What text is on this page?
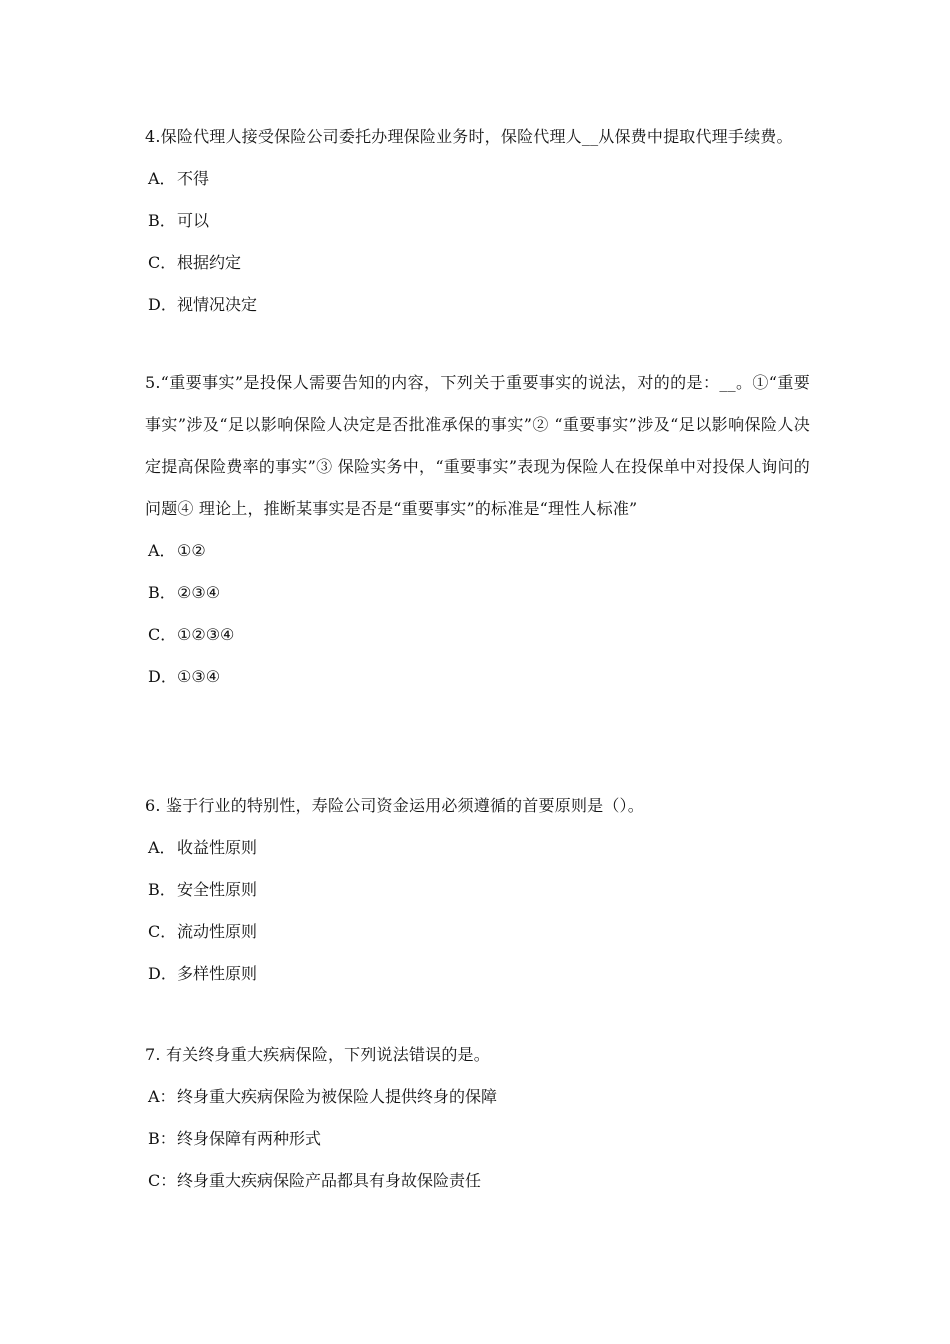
4.保险代理人接受保险公司委托办理保险业务时，保险代理人__从保费中提取代理手续费。

A．不得
B．可以
C．根据约定
D．视情况决定

5.“重要事实”是投保人需要告知的内容，下列关于重要事实的说法，对的的是：__。①“重要事实”涉及“足以影响保险人决定是否批准承保的事实”② “重要事实”涉及“足以影响保险人决定提高保险费率的事实”③ 保险实务中，“重要事实”表现为保险人在投保单中对投保人询问的问题④ 理论上，推断某事实是否是“重要事实”的标准是“理性人标准”

A．①②
B．②③④
C．①②③④
D．①③④

6. 鉴于行业的特别性，寿险公司资金运用必须遵循的首要原则是（）。

A．收益性原则
B．安全性原则
C．流动性原则
D．多样性原则

7. 有关终身重大疾病保险，下列说法错误的是。

A：终身重大疾病保险为被保险人提供终身的保障
B：终身保障有两种形式
C：终身重大疾病保险产品都具有身故保险责任
